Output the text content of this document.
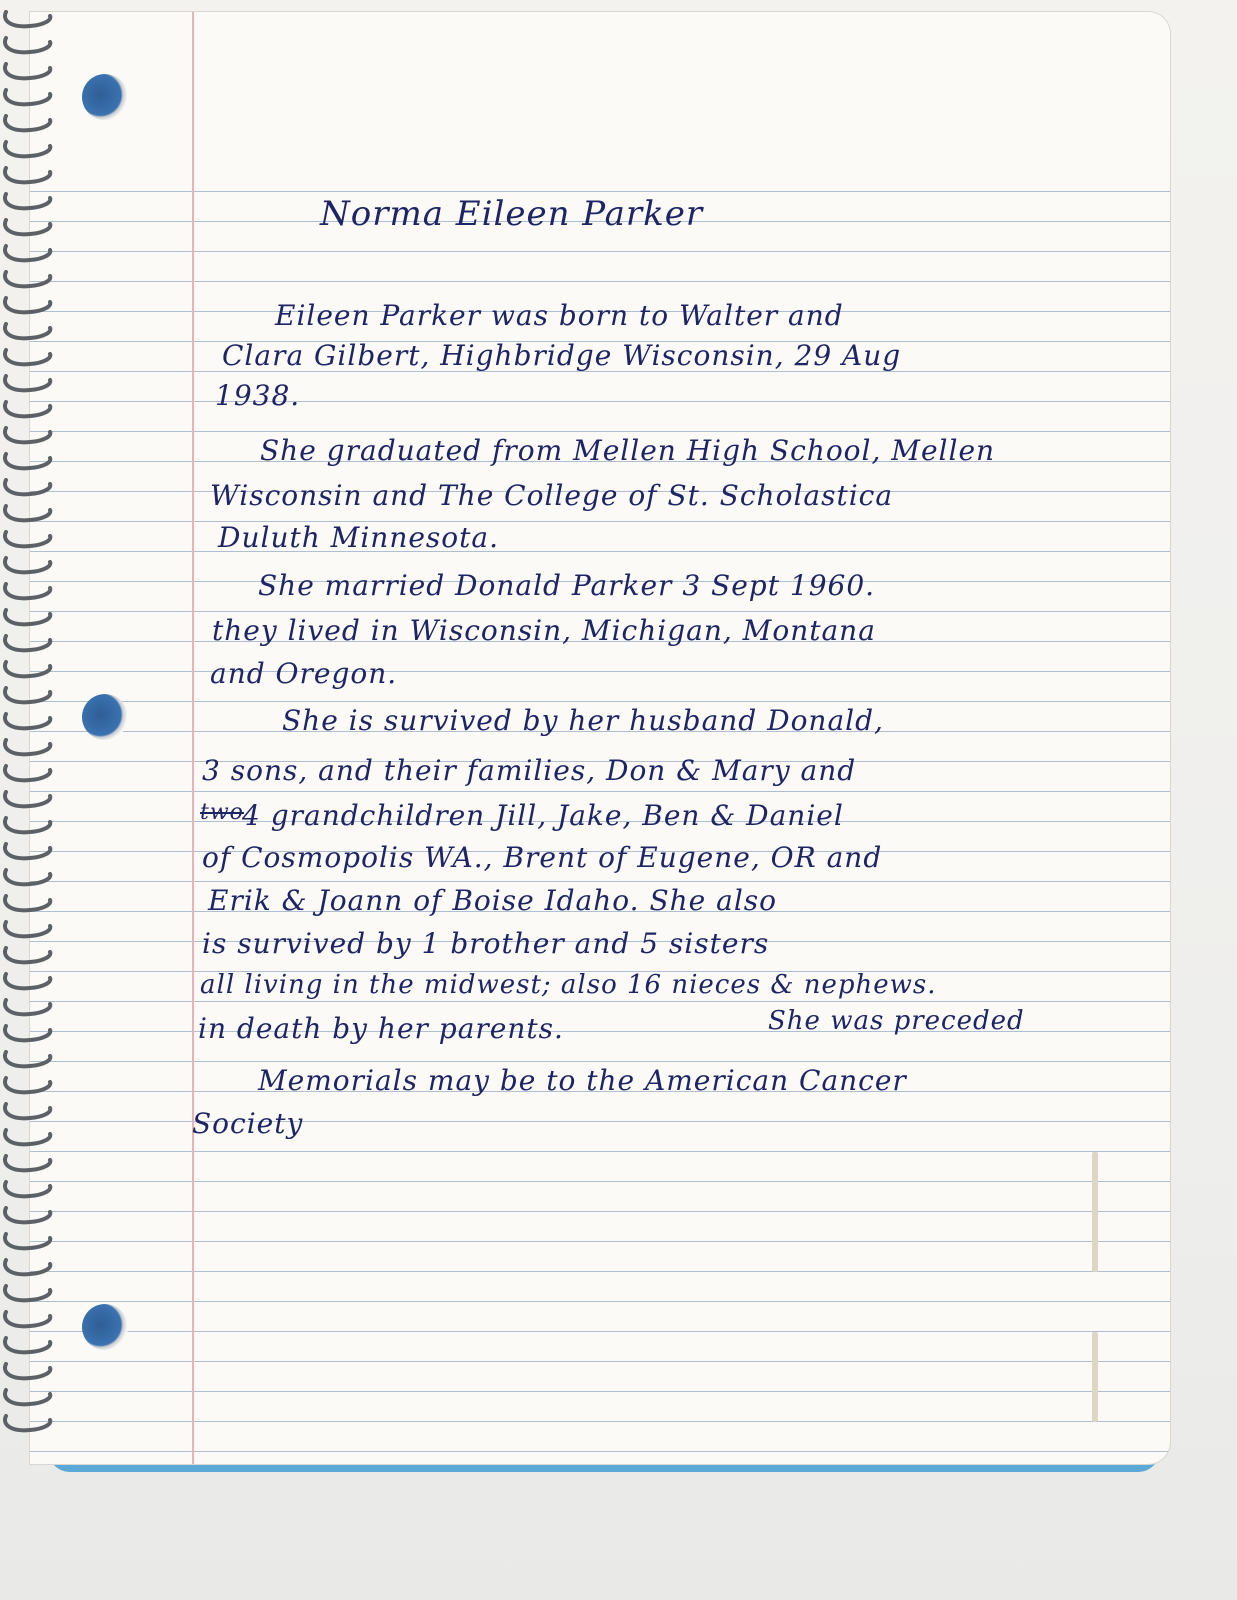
Norma Eileen Parker

Eileen Parker was born to Walter and

Clara Gilbert, Highbridge Wisconsin, 29 Aug

1938.

She graduated from Mellen High School, Mellen

Wisconsin and The College of St. Scholastica

Duluth Minnesota.

She married Donald Parker 3 Sept 1960.

they lived in Wisconsin, Michigan, Montana

and Oregon.

She is survived by her husband Donald,

3 sons, and their families, Don & Mary and

two

4 grandchildren Jill, Jake, Ben & Daniel

of Cosmopolis WA., Brent of Eugene, OR and

Erik & Joann of Boise Idaho. She also

is survived by 1 brother and 5 sisters

all living in the midwest; also 16 nieces & nephews.

She was preceded

in death by her parents.

Memorials may be to the American Cancer

Society
